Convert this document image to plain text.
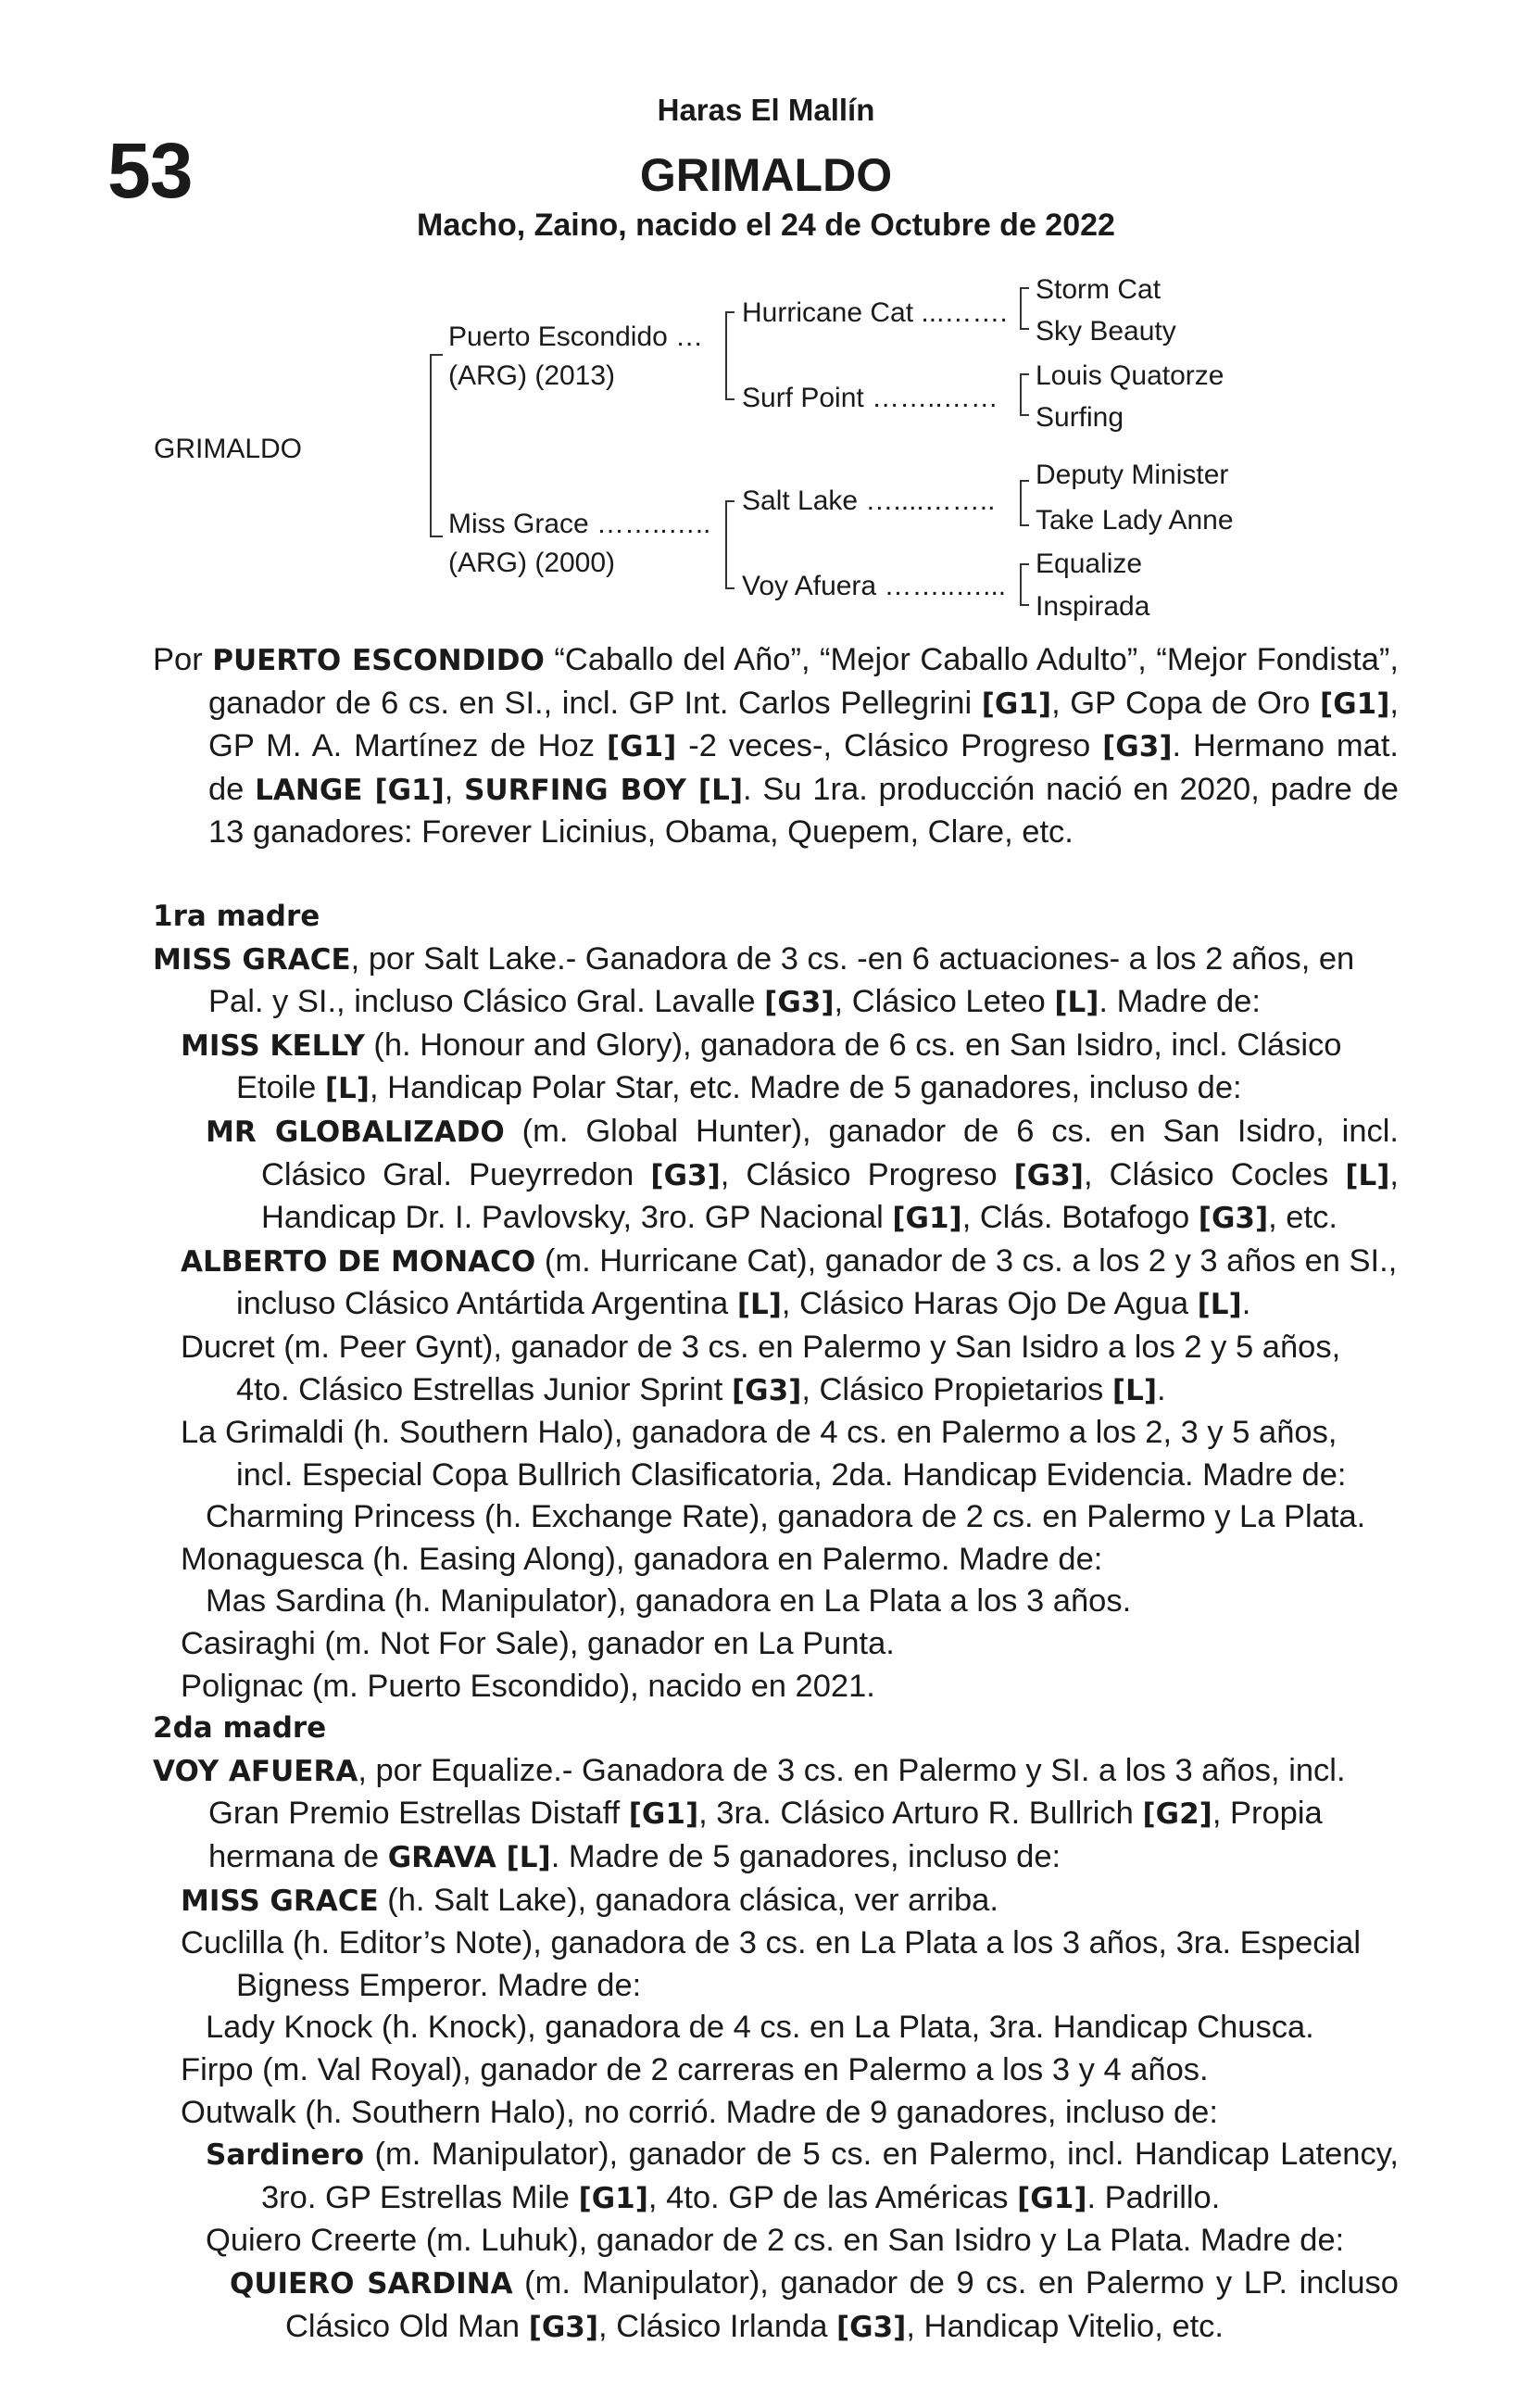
53
Haras El Mallín
GRIMALDO
Macho, Zaino, nacido el 24 de Octubre de 2022
GRIMALDO
Puerto Escondido …
(ARG) (2013)
Miss Grace ……..…..
(ARG) (2000)
Hurricane Cat ...…….
Surf Point ……..……
Salt Lake …....……..
Voy Afuera ……..…...
Storm Cat
Sky Beauty
Louis Quatorze
Surfing
Deputy Minister
Take Lady Anne
Equalize
Inspirada

Por PUERTO ESCONDIDO “Caballo del Año”, “Mejor Caballo Adulto”, “Mejor Fondista”, ganador de 6 cs. en SI., incl. GP Int. Carlos Pellegrini [G1], GP Copa de Oro [G1], GP M. A. Martínez de Hoz [G1] -2 veces-, Clásico Progreso [G3]. Hermano mat. de LANGE [G1], SURFING BOY [L]. Su 1ra. producción nació en 2020, padre de 13 ganadores: Forever Licinius, Obama, Quepem, Clare, etc.

1ra madre

MISS GRACE, por Salt Lake.- Ganadora de 3 cs. -en 6 actuaciones- a los 2 años, en Pal. y SI., incluso Clásico Gral. Lavalle [G3], Clásico Leteo [L]. Madre de:

MISS KELLY (h. Honour and Glory), ganadora de 6 cs. en San Isidro, incl. Clásico Etoile [L], Handicap Polar Star, etc. Madre de 5 ganadores, incluso de:

MR GLOBALIZADO (m. Global Hunter), ganador de 6 cs. en San Isidro, incl. Clásico Gral. Pueyrredon [G3], Clásico Progreso [G3], Clásico Cocles [L], Handicap Dr. I. Pavlovsky, 3ro. GP Nacional [G1], Clás. Botafogo [G3], etc.

ALBERTO DE MONACO (m. Hurricane Cat), ganador de 3 cs. a los 2 y 3 años en SI., incluso Clásico Antártida Argentina [L], Clásico Haras Ojo De Agua [L].

Ducret (m. Peer Gynt), ganador de 3 cs. en Palermo y San Isidro a los 2 y 5 años, 4to. Clásico Estrellas Junior Sprint [G3], Clásico Propietarios [L].

La Grimaldi (h. Southern Halo), ganadora de 4 cs. en Palermo a los 2, 3 y 5 años, incl. Especial Copa Bullrich Clasificatoria, 2da. Handicap Evidencia. Madre de:

Charming Princess (h. Exchange Rate), ganadora de 2 cs. en Palermo y La Plata.

Monaguesca (h. Easing Along), ganadora en Palermo. Madre de:

Mas Sardina (h. Manipulator), ganadora en La Plata a los 3 años.

Casiraghi (m. Not For Sale), ganador en La Punta.

Polignac (m. Puerto Escondido), nacido en 2021.

2da madre

VOY AFUERA, por Equalize.- Ganadora de 3 cs. en Palermo y SI. a los 3 años, incl. Gran Premio Estrellas Distaff [G1], 3ra. Clásico Arturo R. Bullrich [G2], Propia hermana de GRAVA [L]. Madre de 5 ganadores, incluso de:

MISS GRACE (h. Salt Lake), ganadora clásica, ver arriba.

Cuclilla (h. Editor’s Note), ganadora de 3 cs. en La Plata a los 3 años, 3ra. Especial Bigness Emperor. Madre de:

Lady Knock (h. Knock), ganadora de 4 cs. en La Plata, 3ra. Handicap Chusca.

Firpo (m. Val Royal), ganador de 2 carreras en Palermo a los 3 y 4 años.

Outwalk (h. Southern Halo), no corrió. Madre de 9 ganadores, incluso de:

Sardinero (m. Manipulator), ganador de 5 cs. en Palermo, incl. Handicap Latency, 3ro. GP Estrellas Mile [G1], 4to. GP de las Américas [G1]. Padrillo.

Quiero Creerte (m. Luhuk), ganador de 2 cs. en San Isidro y La Plata. Madre de:

QUIERO SARDINA (m. Manipulator), ganador de 9 cs. en Palermo y LP. incluso Clásico Old Man [G3], Clásico Irlanda [G3], Handicap Vitelio, etc.
